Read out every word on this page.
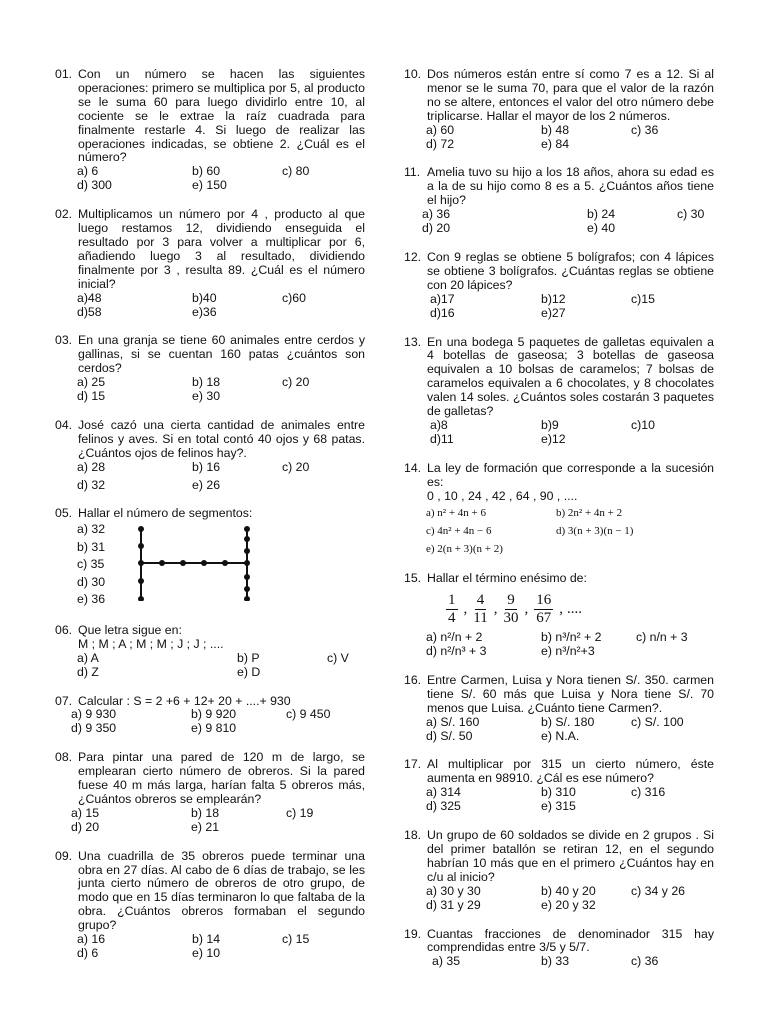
01. Con un número se hacen las siguientes operaciones: primero se multiplica por 5, al producto se le suma 60 para luego dividirlo entre 10, al cociente se le extrae la raíz cuadrada para finalmente restarle 4. Si luego de realizar las operaciones indicadas, se obtiene 2. ¿Cuál es el número?
a) 6	b) 60	c) 80
d) 300	e) 150
02. Multiplicamos un número por 4 , producto al que luego restamos 12, dividiendo enseguida el resultado por 3 para volver a multiplicar por 6, añadiendo luego 3 al resultado, dividiendo finalmente por 3 , resulta 89. ¿Cuál es el número inicial?
a)48	b)40	c)60
d)58	e)36
03. En una granja se tiene 60 animales entre cerdos y gallinas, si se cuentan 160 patas ¿cuántos son cerdos?
a) 25	b) 18	c) 20
d) 15	e) 30
04. José cazó una cierta cantidad de animales entre felinos y aves. Si en total contó 40 ojos y 68 patas. ¿Cuántos ojos de felinos hay?.
a) 28	b) 16	c) 20
d) 32	e) 26
05. Hallar el número de segmentos:
a) 32
b) 31
c) 35
d) 30
e) 36
06. Que letra sigue en:
M ; M ; A ; M ; M ; J ; J ; ....
a) A	b) P	c) V
d) Z	e) D
07. Calcular : S = 2 +6 + 12+ 20 + ....+ 930
a) 9 930	b) 9 920	c) 9 450
d) 9 350	e) 9 810
08. Para pintar una pared de 120 m de largo, se emplearan cierto número de obreros. Si la pared fuese 40 m más larga, harían falta 5 obreros más,¿Cuántos obreros se emplearán?
a) 15	b) 18	c) 19
d) 20	e) 21
09. Una cuadrilla de 35 obreros puede terminar una obra en 27 días. Al cabo de 6 días de trabajo, se les junta cierto número de obreros de otro grupo, de modo que en 15 días terminaron lo que faltaba de la obra. ¿Cuántos obreros formaban el segundo grupo?
a) 16	b) 14	c) 15
d) 6	e) 10
10. Dos números están entre sí como 7 es a 12. Si al menor se le suma 70, para que el valor de la razón no se altere, entonces el valor del otro número debe triplicarse. Hallar el mayor de los 2 números.
a) 60	b) 48	c) 36
d) 72	e) 84
11. Amelia tuvo su hijo a los 18 años, ahora su edad es a la de su hijo como 8 es a 5. ¿Cuántos años tiene el hijo?
a) 36	b) 24	c) 30
d) 20	e) 40
12. Con 9 reglas se obtiene 5 bolígrafos; con 4 lápices se obtiene 3 bolígrafos. ¿Cuántas reglas se obtiene con 20 lápices?
a)17	b)12	c)15
d)16	e)27
13. En una bodega 5 paquetes de galletas equivalen a 4 botellas de gaseosa; 3 botellas de gaseosa equivalen a 10 bolsas de caramelos; 7 bolsas de caramelos equivalen a 6 chocolates, y 8 chocolates valen 14 soles. ¿Cuántos soles costarán 3 paquetes de galletas?
a)8	b)9	c)10
d)11	e)12
14. La ley de formación que corresponde a la sucesión es:
0 , 10 , 24 , 42 , 64 , 90 , ....
a) n² + 4n + 6	b) 2n² + 4n + 2
c) 4n² + 4n − 6	d) 3(n + 3)(n − 1)
e) 2(n + 3)(n + 2)
15. Hallar el término enésimo de:
$\frac{1}{4}$ , $\frac{4}{11}$ , $\frac{9}{30}$ , $\frac{16}{67}$ , ....
a) n²/n + 2	b) n³/n² + 2	c) n/n + 3
d) n²/n³ + 3	e) n³/n²+3
16. Entre Carmen, Luisa y Nora tienen S/. 350. carmen tiene S/. 60 más que Luisa y Nora tiene S/. 70 menos que Luisa. ¿Cuánto tiene Carmen?.
a) S/. 160	b) S/. 180	c) S/. 100
d) S/. 50	e) N.A.
17. Al multiplicar por 315 un cierto número, éste aumenta en 98910. ¿Cál es ese número?
a) 314	b) 310	c) 316
d) 325	e) 315
18. Un grupo de 60 soldados se divide en 2 grupos . Si del primer batallón se retiran 12, en el segundo habrían 10 más que en el primero ¿Cuántos hay en c/u al inicio?
a) 30 y 30	b) 40 y 20	c) 34 y 26
d) 31 y 29	e) 20 y 32
19. Cuantas fracciones de denominador 315 hay comprendidas entre 3/5 y 5/7.
a) 35	b) 33	c) 36
